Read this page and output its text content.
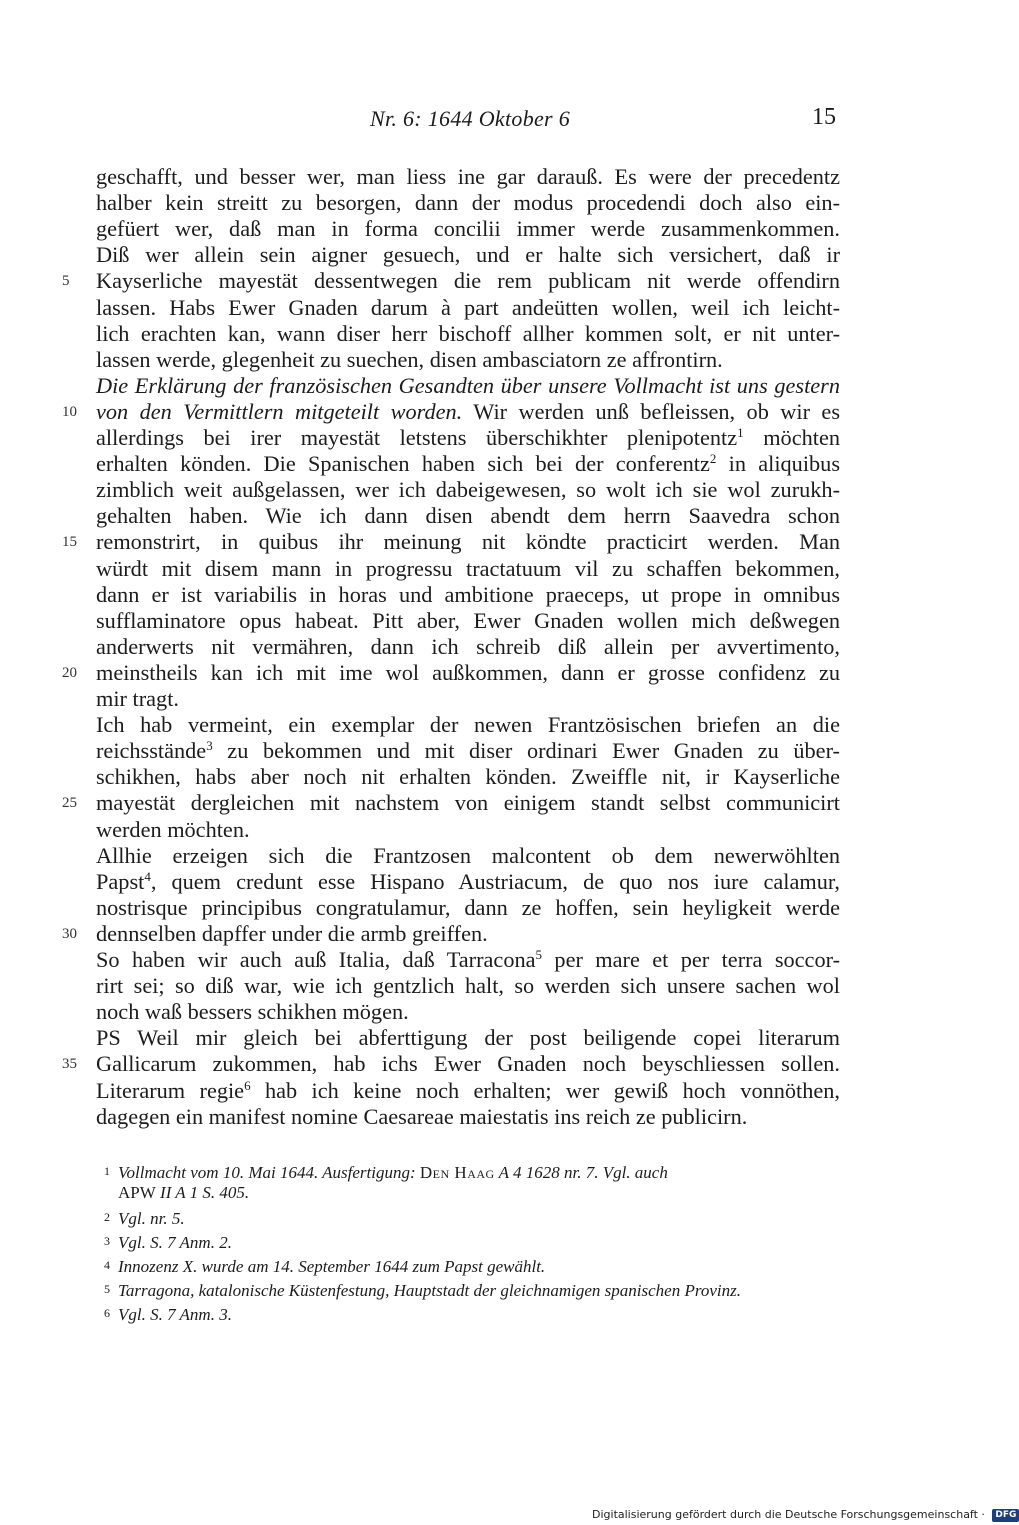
Nr. 6: 1644 Oktober 6	15
geschafft, und besser wer, man liess ine gar darauß. Es were der precedentz
halber kein streitt zu besorgen, dann der modus procedendi doch also ein-
gefüert wer, daß man in forma concilii immer werde zusammenkommen.
Diß wer allein sein aigner gesuech, und er halte sich versichert, daß ir
5	Kayserliche mayestät dessentwegen die rem publicam nit werde offendirn
lassen. Habs Ewer Gnaden darum à part andeütten wollen, weil ich leicht-
lich erachten kan, wann diser herr bischoff allher kommen solt, er nit unter-
lassen werde, glegenheit zu suechen, disen ambasciatorn ze affrontirn.
Die Erklärung der französischen Gesandten über unsere Vollmacht ist uns gestern
10 von den Vermittlern mitgeteilt worden. Wir werden unß befleissen, ob wir es
allerdings bei irer mayestät letstens überschikhter plenipotentz$^1$ möchten
erhalten könden. Die Spanischen haben sich bei der conferentz$^2$ in aliquibus
zimblich weit außgelassen, wer ich dabeigewesen, so wolt ich sie wol zurukh-
gehalten haben. Wie ich dann disen abendt dem herrn Saavedra schon
15 remonstrirt, in quibus ihr meinung nit köndte practicirt werden. Man
würdt mit disem mann in progressu tractatuum vil zu schaffen bekommen,
dann er ist variabilis in horas und ambitione praeceps, ut prope in omnibus
sufflaminatore opus habeat. Pitt aber, Ewer Gnaden wollen mich deßwegen
anderwerts nit vermähren, dann ich schreib diß allein per avvertimento,
20 meinstheils kan ich mit ime wol außkommen, dann er grosse confidenz zu
mir tragt.
Ich hab vermeint, ein exemplar der newen Frantzösischen briefen an die
reichsstände$^3$ zu bekommen und mit diser ordinari Ewer Gnaden zu über-
schikhen, habs aber noch nit erhalten könden. Zweiffle nit, ir Kayserliche
25 mayestät dergleichen mit nachstem von einigem standt selbst communicirt
werden möchten.
Allhie erzeigen sich die Frantzosen malcontent ob dem newerwöhlten
Papst$^4$, quem credunt esse Hispano Austriacum, de quo nos iure calamur,
nostrisque principibus congratulamur, dann ze hoffen, sein heyligkeit werde
30 dennselben dapffer under die armb greiffen.
So haben wir auch auß Italia, daß Tarracona$^5$ per mare et per terra soccor-
rirt sei; so diß war, wie ich gentzlich halt, so werden sich unsere sachen wol
noch waß bessers schikhen mögen.
PS Weil mir gleich bei abferttigung der post beiligende copei literarum
35 Gallicarum zukommen, hab ichs Ewer Gnaden noch beyschliessen sollen.
Literarum regie$^6$ hab ich keine noch erhalten; wer gewiß hoch vonnöthen,
dagegen ein manifest nomine Caesareae maiestatis ins reich ze publicirn.
1 Vollmacht vom 10. Mai 1644. Ausfertigung: Den Haag A 4 1628 nr. 7. Vgl. auch
APW II A 1 S. 405.
2 Vgl. nr. 5.
3 Vgl. S. 7 Anm. 2.
4 Innozenz X. wurde am 14. September 1644 zum Papst gewählt.
5 Tarragona, katalonische Küstenfestung, Hauptstadt der gleichnamigen spanischen Provinz.
6 Vgl. S. 7 Anm. 3.
Digitalisierung gefördert durch die Deutsche Forschungsgemeinschaft · DFG
